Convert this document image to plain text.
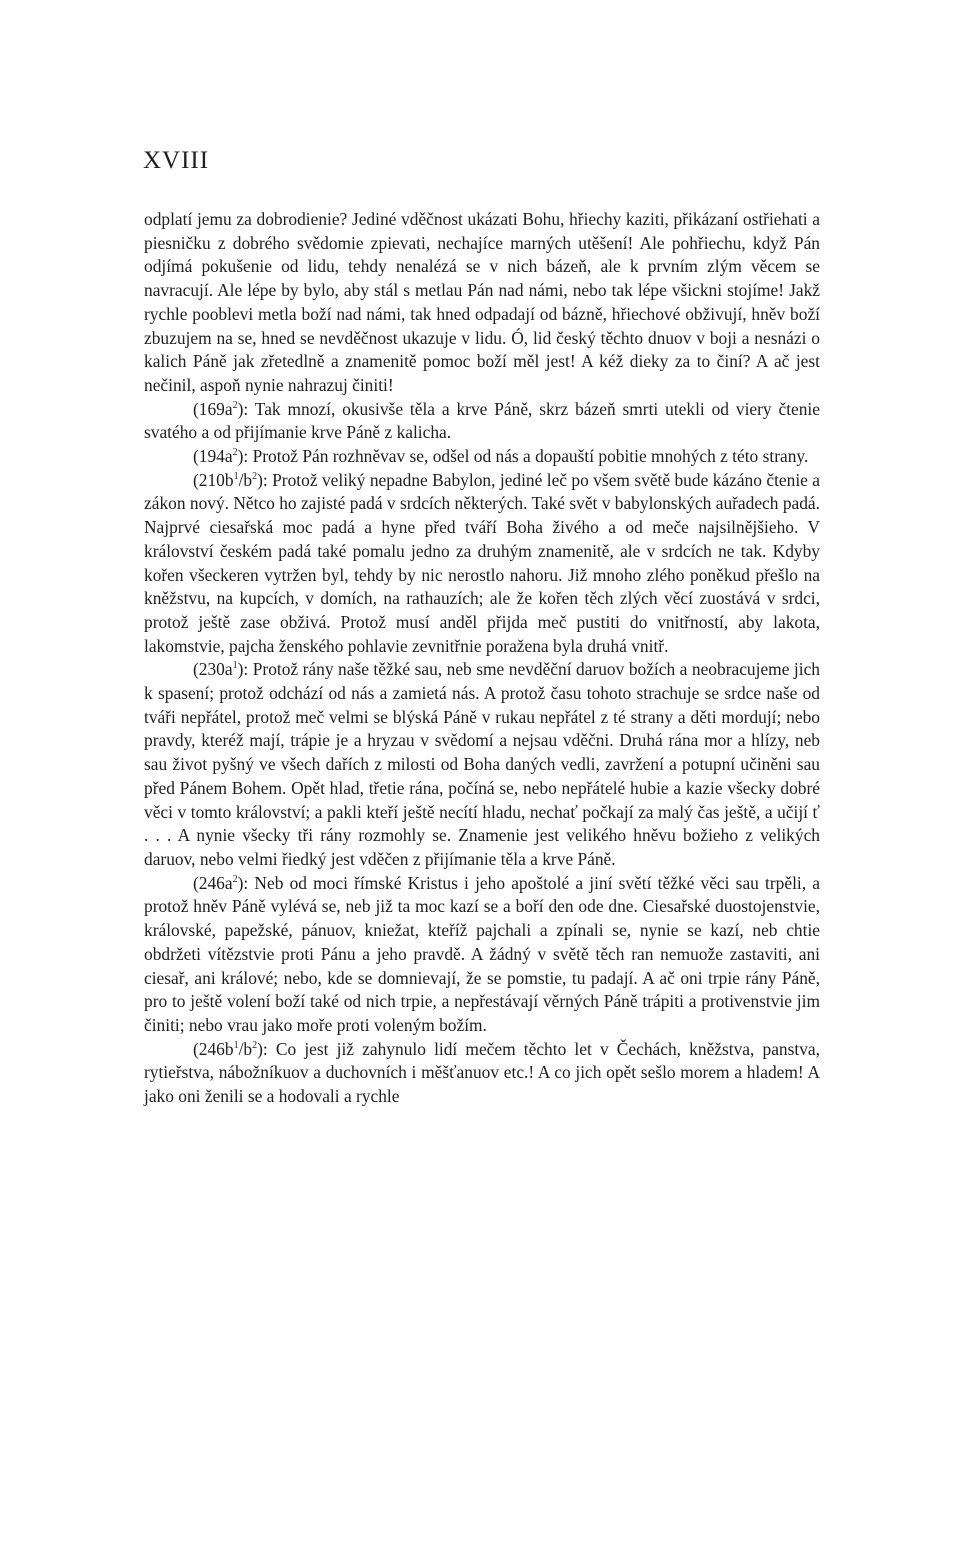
XVIII

odplatí jemu za dobrodienie? Jediné vděčnost ukázati Bohu, hřiechy kaziti, přikázaní ostřiehati a piesničku z dobrého svědomie zpievati, nechajíce marných utěšení! Ale pohřiechu, když Pán odjímá pokušenie od lidu, tehdy nenalézá se v nich bázeň, ale k prvním zlým věcem se navracují. Ale lépe by bylo, aby stál s metlau Pán nad námi, nebo tak lépe všickni stojíme! Jakž rychle pooblevi metla boží nad námi, tak hned odpadají od bázně, hřiechové obživují, hněv boží zbuzujem na se, hned se nevděčnost ukazuje v lidu. Ó, lid český těchto dnuov v boji a nesnázi o kalich Páně jak zřetedlně a znamenitě pomoc boží měl jest! A kéž dieky za to činí? A ač jest nečinil, aspoň nynie nahrazuj činiti!

$(169a^2)$: Tak mnozí, okusivše těla a krve Páně, skrz bázeň smrti utekli od viery čtenie svatého a od přijímanie krve Páně z kalicha.

$(194a^2)$: Protož Pán rozhněvav se, odšel od nás a dopauští pobitie mnohých z této strany.

$(210b^1/b^2)$: Protož veliký nepadne Babylon, jediné leč po všem světě bude kázáno čtenie a zákon nový. Nětco ho zajisté padá v srdcích některých. Také svět v babylonských auřadech padá. Najprvé ciesařská moc padá a hyne před tváří Boha živého a od meče najsilnějšieho. V království českém padá také pomalu jedno za druhým znamenitě, ale v srdcích ne tak. Kdyby kořen všeckeren vytržen byl, tehdy by nic nerostlo nahoru. Již mnoho zlého poněkud přešlo na kněžstvu, na kupcích, v domích, na rathauzích; ale že kořen těch zlých věcí zuostává v srdci, protož ještě zase obživá. Protož musí anděl přijda meč pustiti do vnitřností, aby lakota, lakomstvie, pajcha ženského pohlavie zevnitřnie poražena byla druhá vnitř.

$(230a^1)$: Protož rány naše těžké sau, neb sme nevděční daruov božích a neobracujeme jich k spasení; protož odchází od nás a zamietá nás. A protož času tohoto strachuje se srdce naše od tváři nepřátel, protož meč velmi se blýská Páně v rukau nepřátel z té strany a děti mordují; nebo pravdy, kteréž mají, trápie je a hryzau v svědomí a nejsau vděčni. Druhá rána mor a hlízy, neb sau život pyšný ve všech dařích z milosti od Boha daných vedli, zavržení a potupní učiněni sau před Pánem Bohem. Opět hlad, třetie rána, počíná se, nebo nepřátelé hubie a kazie všecky dobré věci v tomto království; a pakli kteří ještě necítí hladu, nechať počkají za malý čas ještě, a učijí ť . . . A nynie všecky tři rány rozmohly se. Znamenie jest velikého hněvu božieho z velikých daruov, nebo velmi řiedký jest vděčen z přijímanie těla a krve Páně.

$(246a^2)$: Neb od moci římské Kristus i jeho apoštolé a jiní světí těžké věci sau trpěli, a protož hněv Páně vylévá se, neb již ta moc kazí se a boří den ode dne. Ciesařské duostojenstvie, královské, papežské, pánuov, kniežat, kteříž pajchali a zpínali se, nynie se kazí, neb chtie obdržeti vítězstvie proti Pánu a jeho pravdě. A žádný v světě těch ran nemuože zastaviti, ani ciesař, ani králové; nebo, kde se domnievají, že se pomstie, tu padají. A ač oni trpie rány Páně, pro to ještě volení boží také od nich trpie, a nepřestávají věrných Páně trápiti a protivenstvie jim činiti; nebo vrau jako moře proti voleným božím.

$(246b^1/b^2)$: Co jest již zahynulo lidí mečem těchto let v Čechách, kněžstva, panstva, rytieřstva, nábožníkuov a duchovních i měšťanuov etc.! A co jich opět sešlo morem a hladem! A jako oni ženili se a hodovali a rychle
